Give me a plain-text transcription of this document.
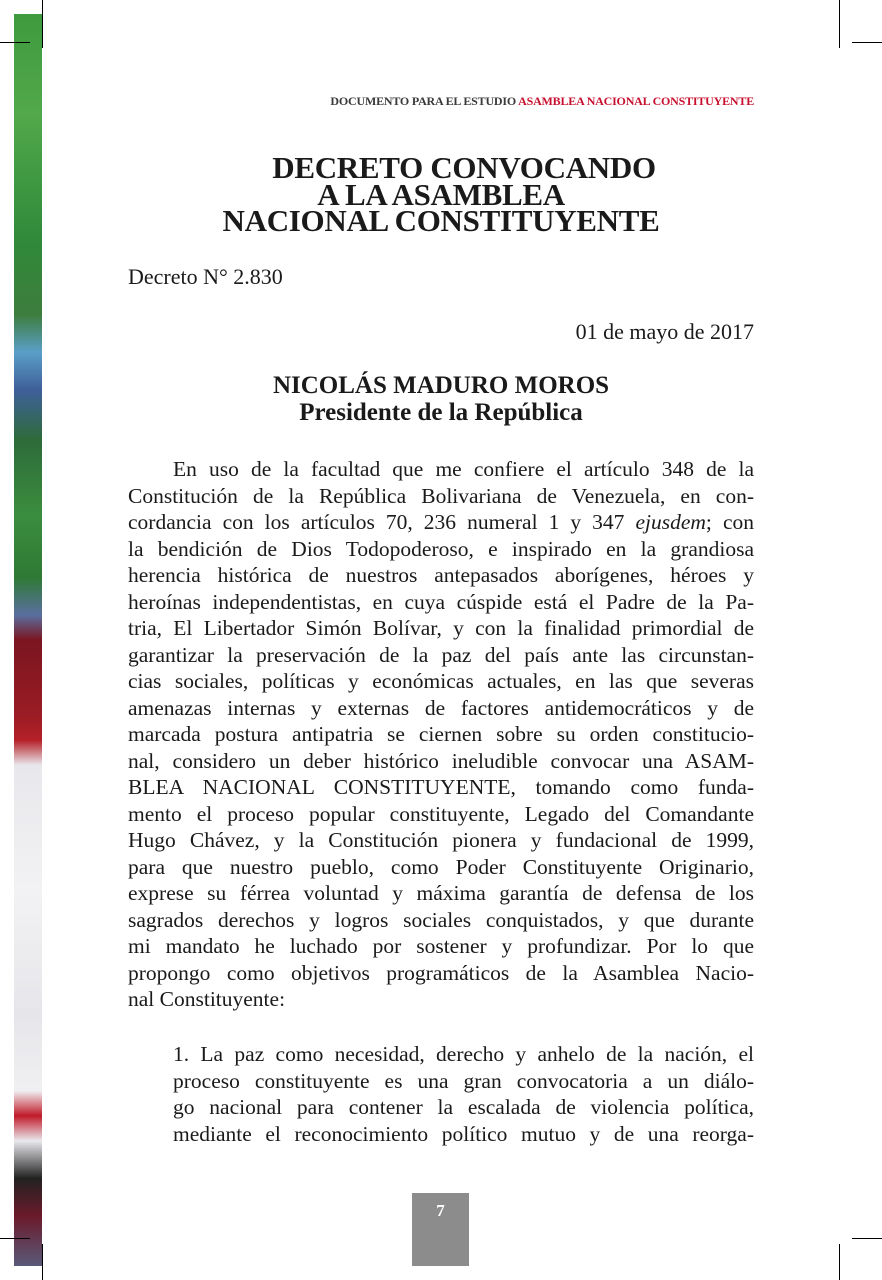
DOCUMENTO PARA EL ESTUDIO ASAMBLEA NACIONAL CONSTITUYENTE
DECRETO CONVOCANDO
A LA ASAMBLEA
NACIONAL CONSTITUYENTE
Decreto N° 2.830
01 de mayo de 2017
NICOLÁS MADURO MOROS
Presidente de la República
En uso de la facultad que me confiere el artículo 348 de la
Constitución de la República Bolivariana de Venezuela, en con-
cordancia con los artículos 70, 236 numeral 1 y 347 ejusdem; con
la bendición de Dios Todopoderoso, e inspirado en la grandiosa
herencia histórica de nuestros antepasados aborígenes, héroes y
heroínas independentistas, en cuya cúspide está el Padre de la Pa-
tria, El Libertador Simón Bolívar, y con la finalidad primordial de
garantizar la preservación de la paz del país ante las circunstan-
cias sociales, políticas y económicas actuales, en las que severas
amenazas internas y externas de factores antidemocráticos y de
marcada postura antipatria se ciernen sobre su orden constitucio-
nal, considero un deber histórico ineludible convocar una ASAM-
BLEA NACIONAL CONSTITUYENTE, tomando como funda-
mento el proceso popular constituyente, Legado del Comandante
Hugo Chávez, y la Constitución pionera y fundacional de 1999,
para que nuestro pueblo, como Poder Constituyente Originario,
exprese su férrea voluntad y máxima garantía de defensa de los
sagrados derechos y logros sociales conquistados, y que durante
mi mandato he luchado por sostener y profundizar. Por lo que
propongo como objetivos programáticos de la Asamblea Nacio-
nal Constituyente:
1. La paz como necesidad, derecho y anhelo de la nación, el
proceso constituyente es una gran convocatoria a un diálo-
go nacional para contener la escalada de violencia política,
mediante el reconocimiento político mutuo y de una reorga-
7
